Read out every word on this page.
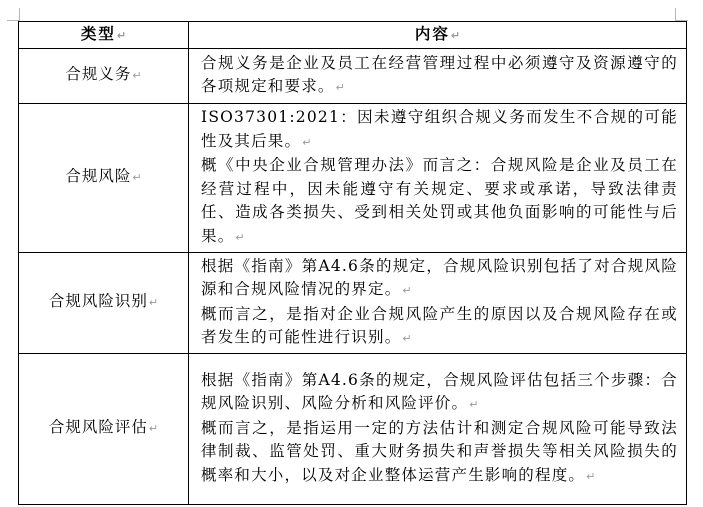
类型↵	内容↵
合规义务↵	合规义务是企业及员工在经营管理过程中必须遵守及资源遵守的各项规定和要求。↵

合规风险↵	ISO37301:2021：因未遵守组织合规义务而发生不合规的可能性及其后果。↵

概《中央企业合规管理办法》而言之：合规风险是企业及员工在经营过程中，因未能遵守有关规定、要求或承诺，导致法律责任、造成各类损失、受到相关处罚或其他负面影响的可能性与后果。↵

合规风险识别↵	根据《指南》第A4.6条的规定，合规风险识别包括了对合规风险源和合规风险情况的界定。↵

概而言之，是指对企业合规风险产生的原因以及合规风险存在或者发生的可能性进行识别。↵

合规风险评估↵	根据《指南》第A4.6条的规定，合规风险评估包括三个步骤：合规风险识别、风险分析和风险评价。↵

概而言之，是指运用一定的方法估计和测定合规风险可能导致法律制裁、监管处罚、重大财务损失和声誉损失等相关风险损失的概率和大小，以及对企业整体运营产生影响的程度。↵
